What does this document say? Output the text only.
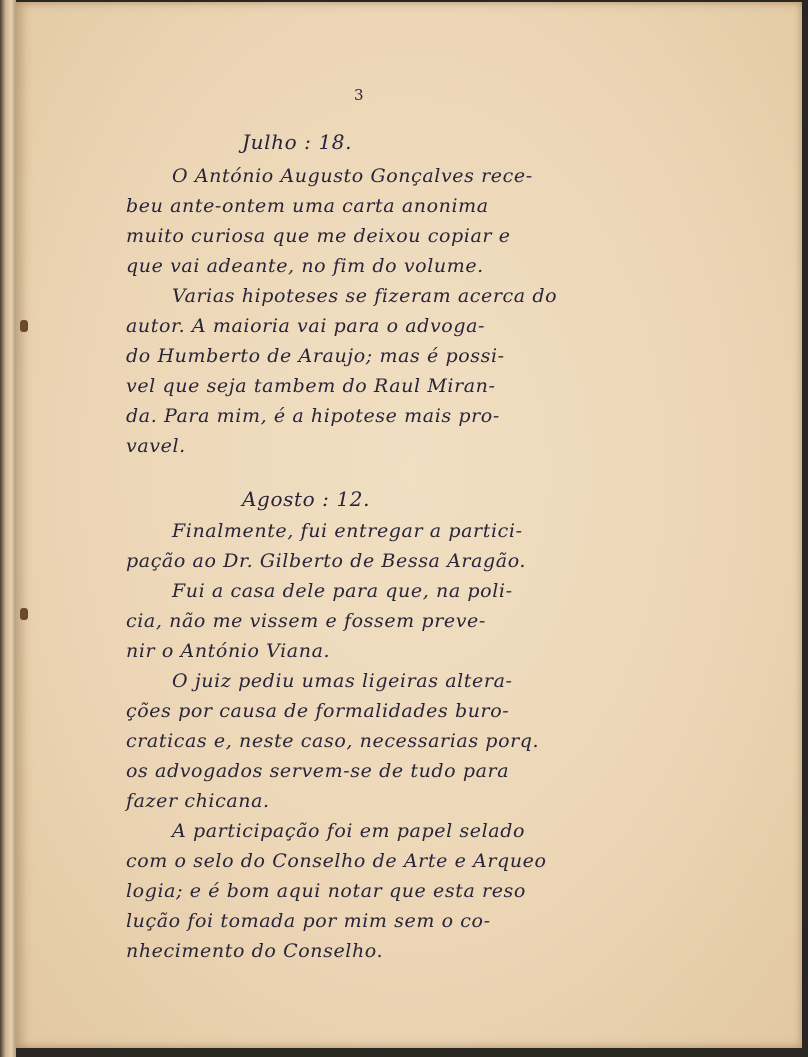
3

Julho : 18.

O António Augusto Gonçalves rece-

beu ante-ontem uma carta anonima

muito curiosa que me deixou copiar e

que vai adeante, no fim do volume.

Varias hipoteses se fizeram acerca do

autor. A maioria vai para o advoga-

do Humberto de Araujo; mas é possi-

vel que seja tambem do Raul Miran-

da. Para mim, é a hipotese mais pro-

vavel.

Agosto : 12.

Finalmente, fui entregar a partici-

pação ao Dr. Gilberto de Bessa Aragão.

Fui a casa dele para que, na poli-

cia, não me vissem e fossem preve-

nir o António Viana.

O juiz pediu umas ligeiras altera-

ções por causa de formalidades buro-

craticas e, neste caso, necessarias porq.

os advogados servem-se de tudo para

fazer chicana.

A participação foi em papel selado

com o selo do Conselho de Arte e Arqueo

logia; e é bom aqui notar que esta reso

lução foi tomada por mim sem o co-

nhecimento do Conselho.
